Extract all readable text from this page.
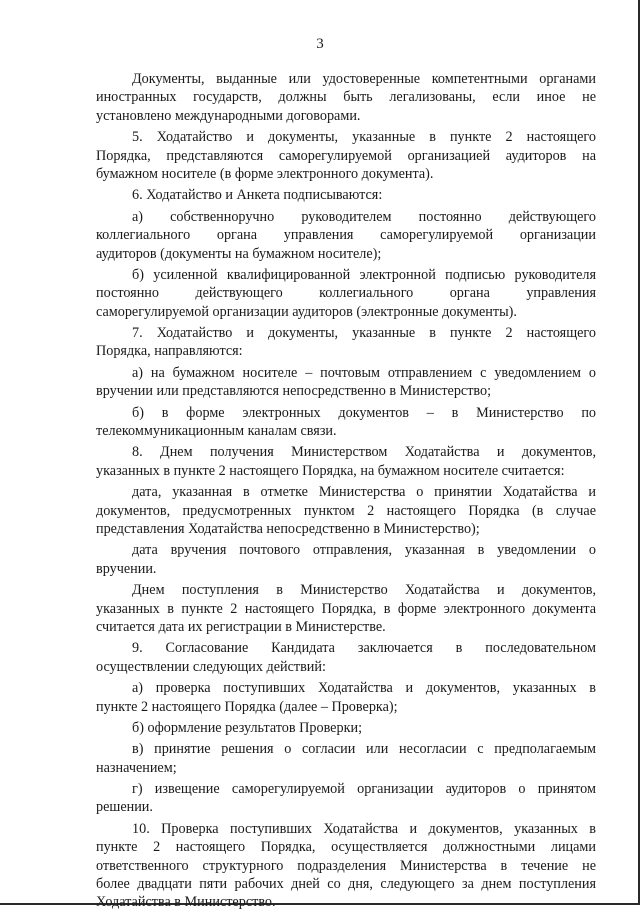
3
Документы, выданные или удостоверенные компетентными органами
иностранных государств, должны быть легализованы, если иное не
установлено международными договорами.
5. Ходатайство и документы, указанные в пункте 2 настоящего
Порядка, представляются саморегулируемой организацией аудиторов на
бумажном носителе (в форме электронного документа).
6. Ходатайство и Анкета подписываются:
а) собственноручно руководителем постоянно действующего
коллегиального органа управления саморегулируемой организации
аудиторов (документы на бумажном носителе);
б) усиленной квалифицированной электронной подписью руководителя
постоянно действующего коллегиального органа управления
саморегулируемой организации аудиторов (электронные документы).
7. Ходатайство и документы, указанные в пункте 2 настоящего
Порядка, направляются:
а) на бумажном носителе – почтовым отправлением с уведомлением о
вручении или представляются непосредственно в Министерство;
б) в форме электронных документов – в Министерство по
телекоммуникационным каналам связи.
8. Днем получения Министерством Ходатайства и документов,
указанных в пункте 2 настоящего Порядка, на бумажном носителе считается:
дата, указанная в отметке Министерства о принятии Ходатайства и
документов, предусмотренных пунктом 2 настоящего Порядка (в случае
представления Ходатайства непосредственно в Министерство);
дата вручения почтового отправления, указанная в уведомлении о
вручении.
Днем поступления в Министерство Ходатайства и документов,
указанных в пункте 2 настоящего Порядка, в форме электронного документа
считается дата их регистрации в Министерстве.
9. Согласование Кандидата заключается в последовательном
осуществлении следующих действий:
а) проверка поступивших Ходатайства и документов, указанных в
пункте 2 настоящего Порядка (далее – Проверка);
б) оформление результатов Проверки;
в) принятие решения о согласии или несогласии с предполагаемым
назначением;
г) извещение саморегулируемой организации аудиторов о принятом
решении.
10. Проверка поступивших Ходатайства и документов, указанных в
пункте 2 настоящего Порядка, осуществляется должностными лицами
ответственного структурного подразделения Министерства в течение не
более двадцати пяти рабочих дней со дня, следующего за днем поступления
Ходатайства в Министерство.
